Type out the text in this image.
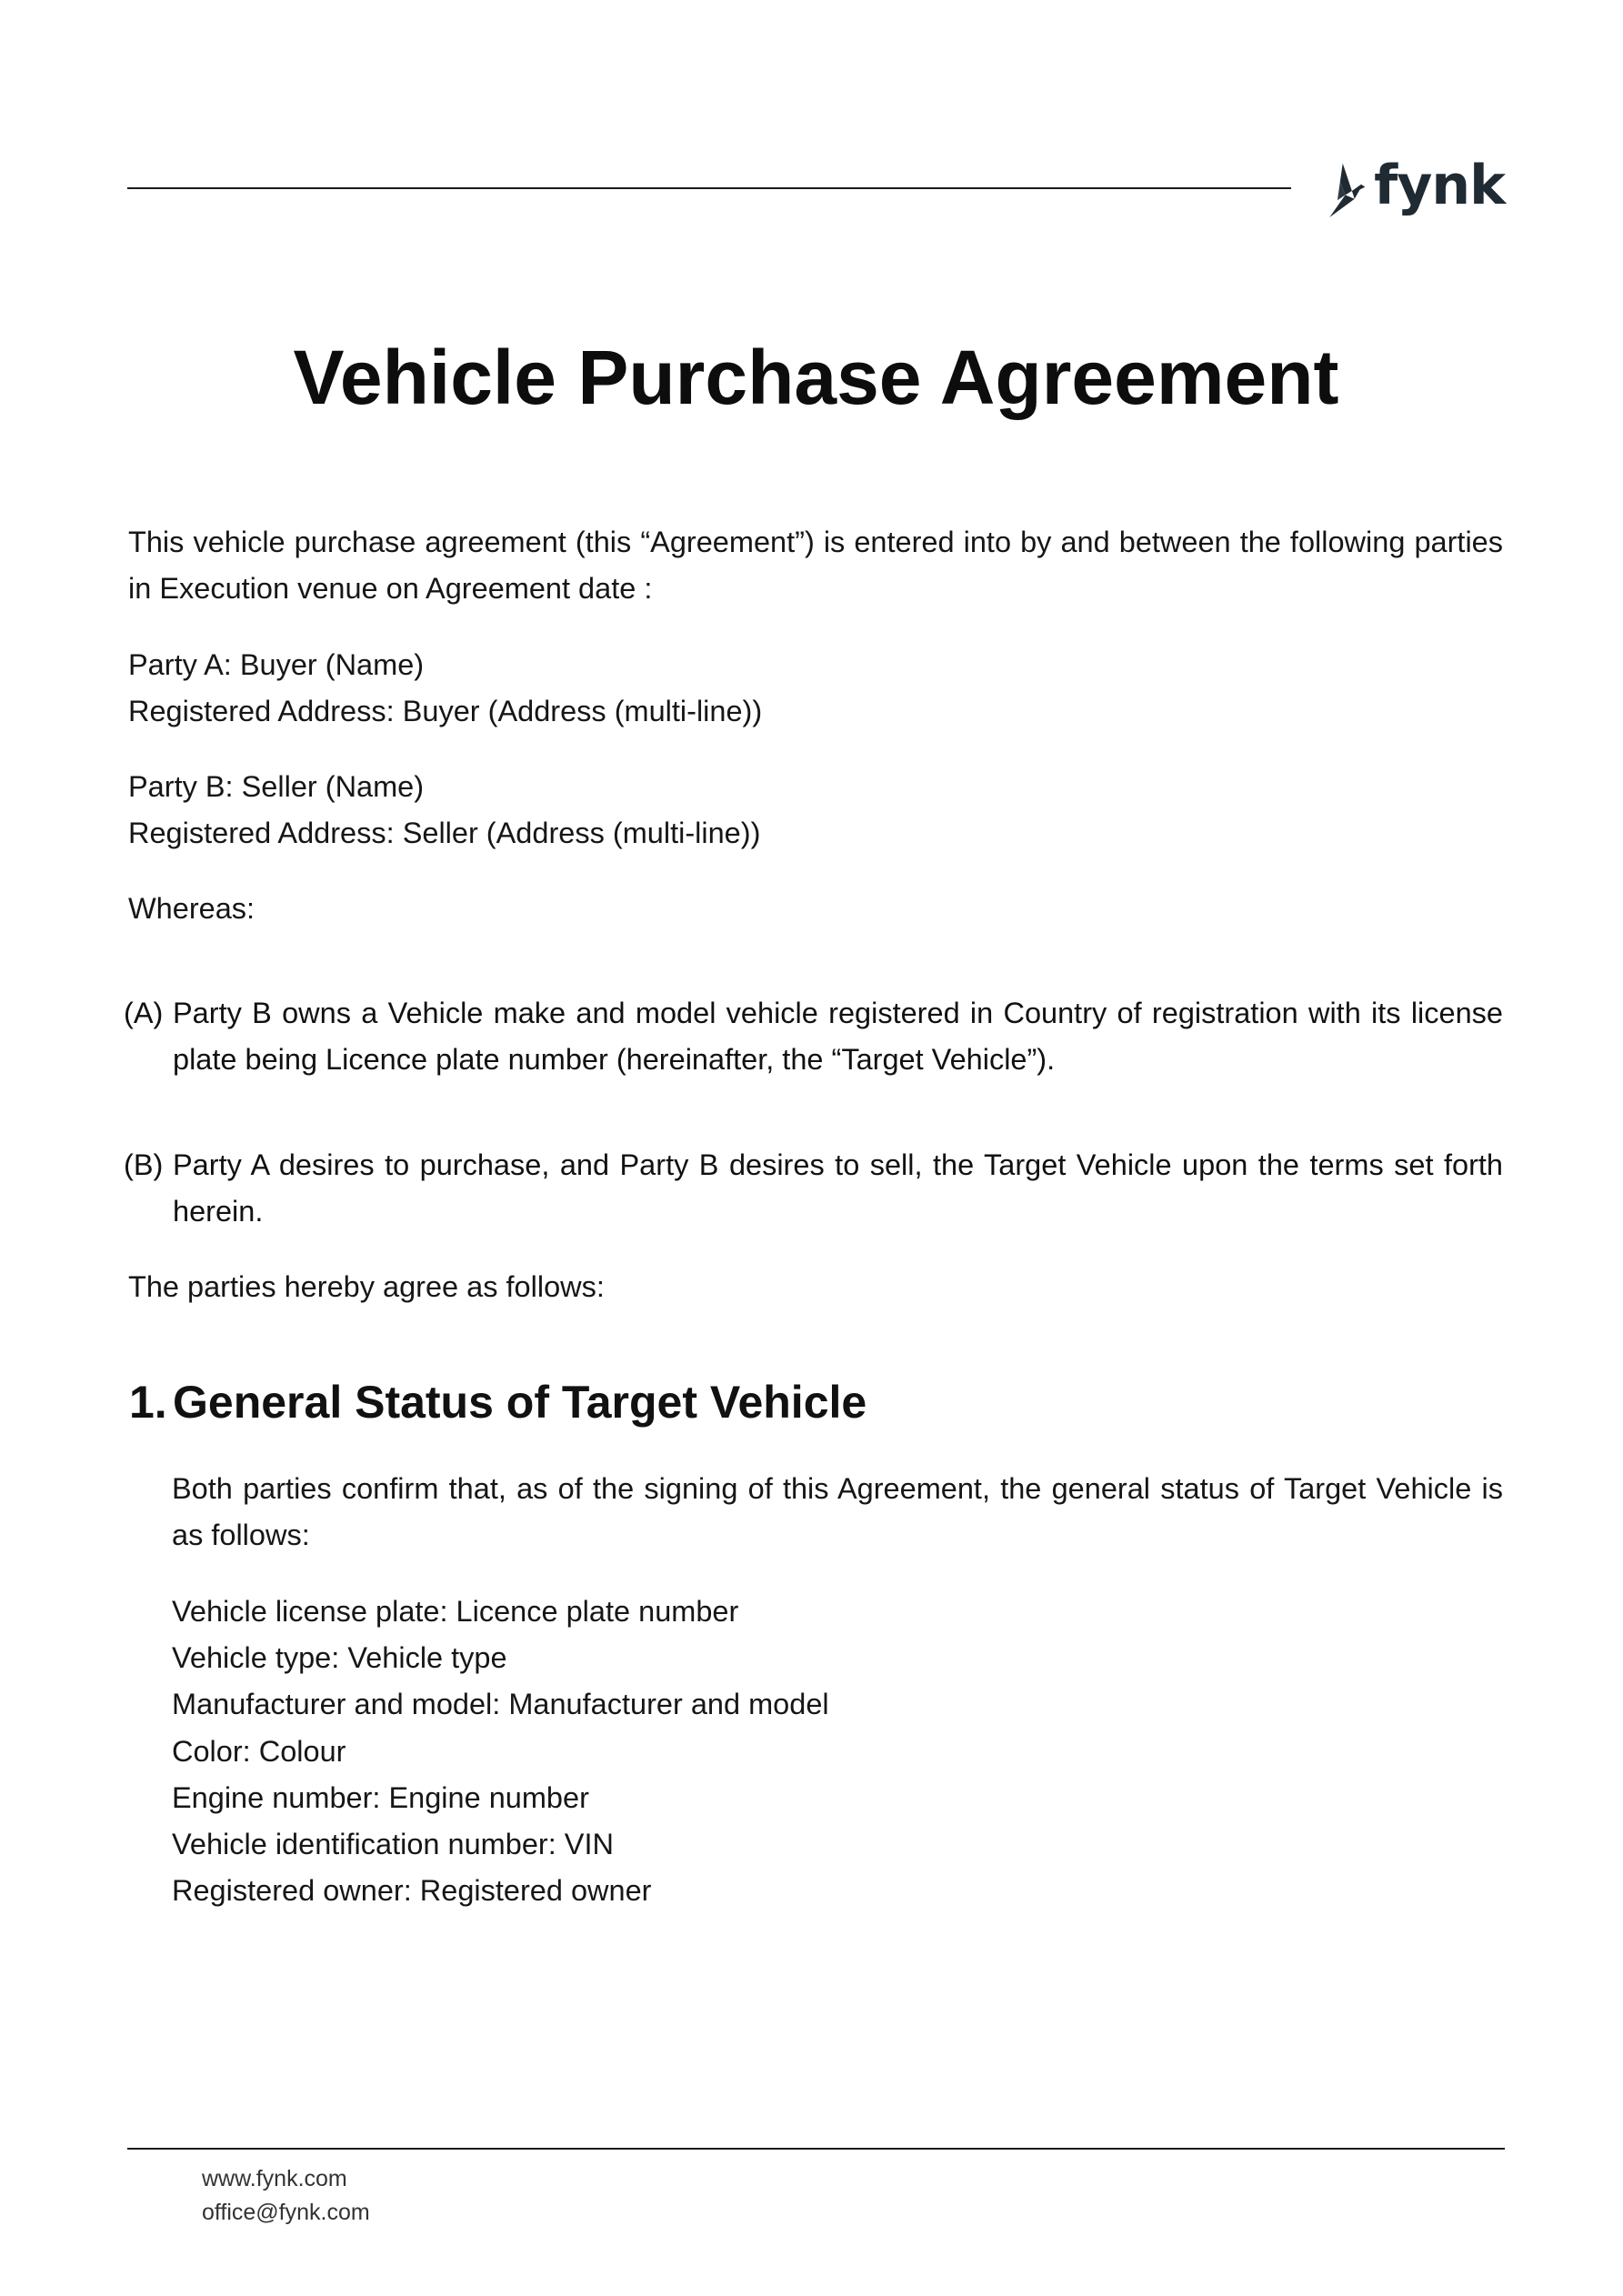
fynk
Vehicle Purchase Agreement
This vehicle purchase agreement (this “Agreement”) is entered into by and between the following parties in Execution venue on Agreement date :
Party A: Buyer (Name)
Registered Address: Buyer (Address (multi-line))
Party B: Seller (Name)
Registered Address: Seller (Address (multi-line))
Whereas:
(A) Party B owns a Vehicle make and model vehicle registered in Country of registration with its license plate being Licence plate number (hereinafter, the “Target Vehicle”).
(B) Party A desires to purchase, and Party B desires to sell, the Target Vehicle upon the terms set forth herein.
The parties hereby agree as follows:
1. General Status of Target Vehicle
Both parties confirm that, as of the signing of this Agreement, the general status of Target Vehicle is as follows:
Vehicle license plate: Licence plate number
Vehicle type: Vehicle type
Manufacturer and model: Manufacturer and model
Color: Colour
Engine number: Engine number
Vehicle identification number: VIN
Registered owner: Registered owner
www.fynk.com
office@fynk.com
